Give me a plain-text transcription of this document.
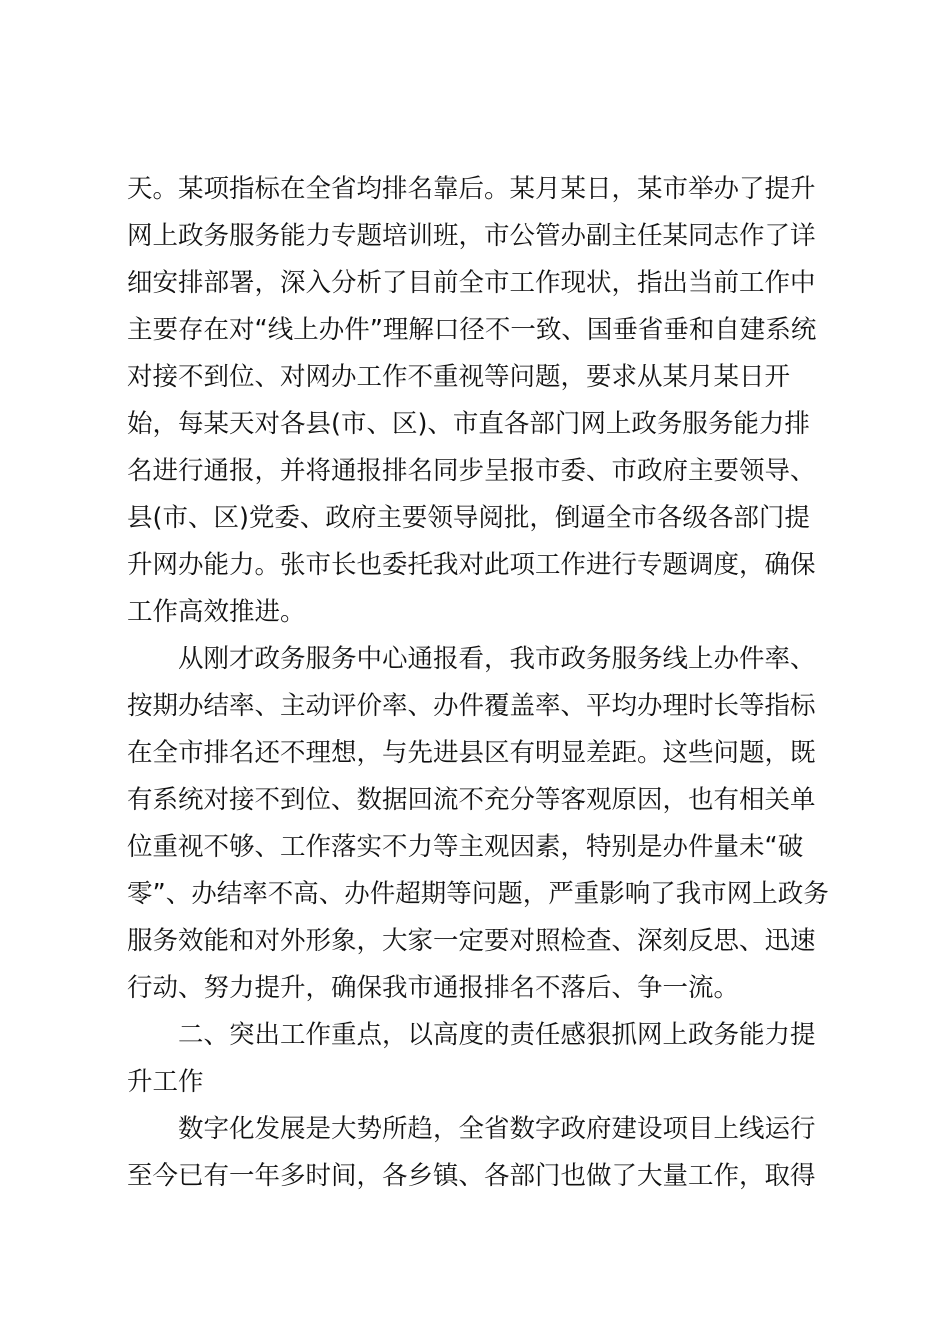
天。某项指标在全省均排名靠后。某月某日，某市举办了提升
网上政务服务能力专题培训班，市公管办副主任某同志作了详
细安排部署，深入分析了目前全市工作现状，指出当前工作中
主要存在对“线上办件”理解口径不一致、国垂省垂和自建系统
对接不到位、对网办工作不重视等问题，要求从某月某日开
始，每某天对各县(市、区)、市直各部门网上政务服务能力排
名进行通报，并将通报排名同步呈报市委、市政府主要领导、
县(市、区)党委、政府主要领导阅批，倒逼全市各级各部门提
升网办能力。张市长也委托我对此项工作进行专题调度，确保
工作高效推进。
从刚才政务服务中心通报看，我市政务服务线上办件率、
按期办结率、主动评价率、办件覆盖率、平均办理时长等指标
在全市排名还不理想，与先进县区有明显差距。这些问题，既
有系统对接不到位、数据回流不充分等客观原因，也有相关单
位重视不够、工作落实不力等主观因素，特别是办件量未“破
零”、办结率不高、办件超期等问题，严重影响了我市网上政务
服务效能和对外形象，大家一定要对照检查、深刻反思、迅速
行动、努力提升，确保我市通报排名不落后、争一流。
二、突出工作重点，以高度的责任感狠抓网上政务能力提
升工作
数字化发展是大势所趋，全省数字政府建设项目上线运行
至今已有一年多时间，各乡镇、各部门也做了大量工作，取得
